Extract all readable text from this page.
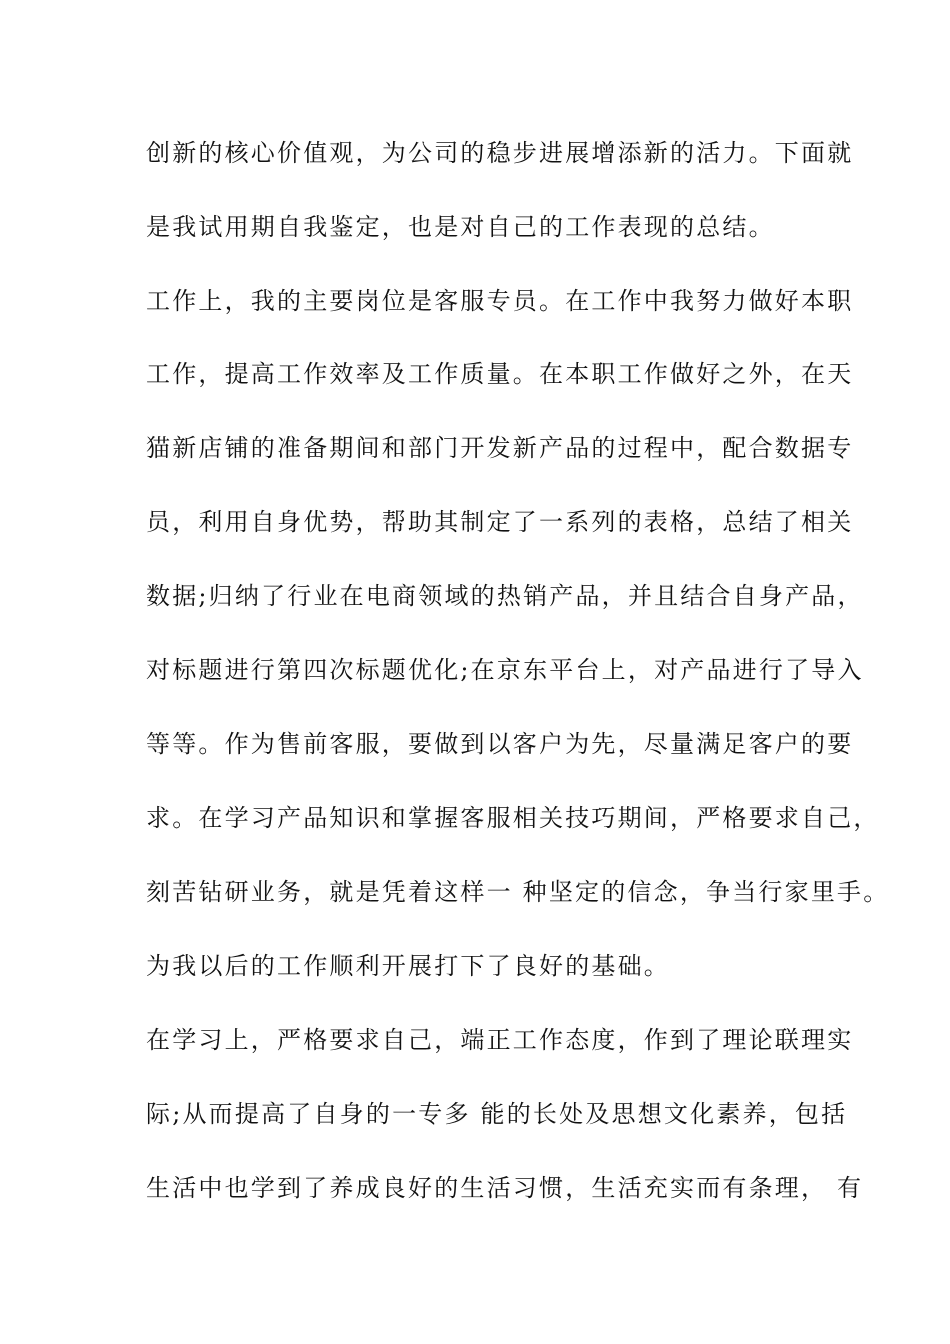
创新的核心价值观，为公司的稳步进展增添新的活力。下面就
是我试用期自我鉴定，也是对自己的工作表现的总结。
工作上，我的主要岗位是客服专员。在工作中我努力做好本职
工作，提高工作效率及工作质量。在本职工作做好之外，在天
猫新店铺的准备期间和部门开发新产品的过程中，配合数据专
员，利用自身优势，帮助其制定了一系列的表格，总结了相关
数据;归纳了行业在电商领域的热销产品，并且结合自身产品，
对标题进行第四次标题优化;在京东平台上，对产品进行了导入
等等。作为售前客服，要做到以客户为先，尽量满足客户的要
求。在学习产品知识和掌握客服相关技巧期间，严格要求自己，
刻苦钻研业务，就是凭着这样一 种坚定的信念，争当行家里手。
为我以后的工作顺利开展打下了良好的基础。
在学习上，严格要求自己，端正工作态度，作到了理论联理实
际;从而提高了自身的一专多 能的长处及思想文化素养，包括
生活中也学到了养成良好的生活习惯，生活充实而有条理， 有
